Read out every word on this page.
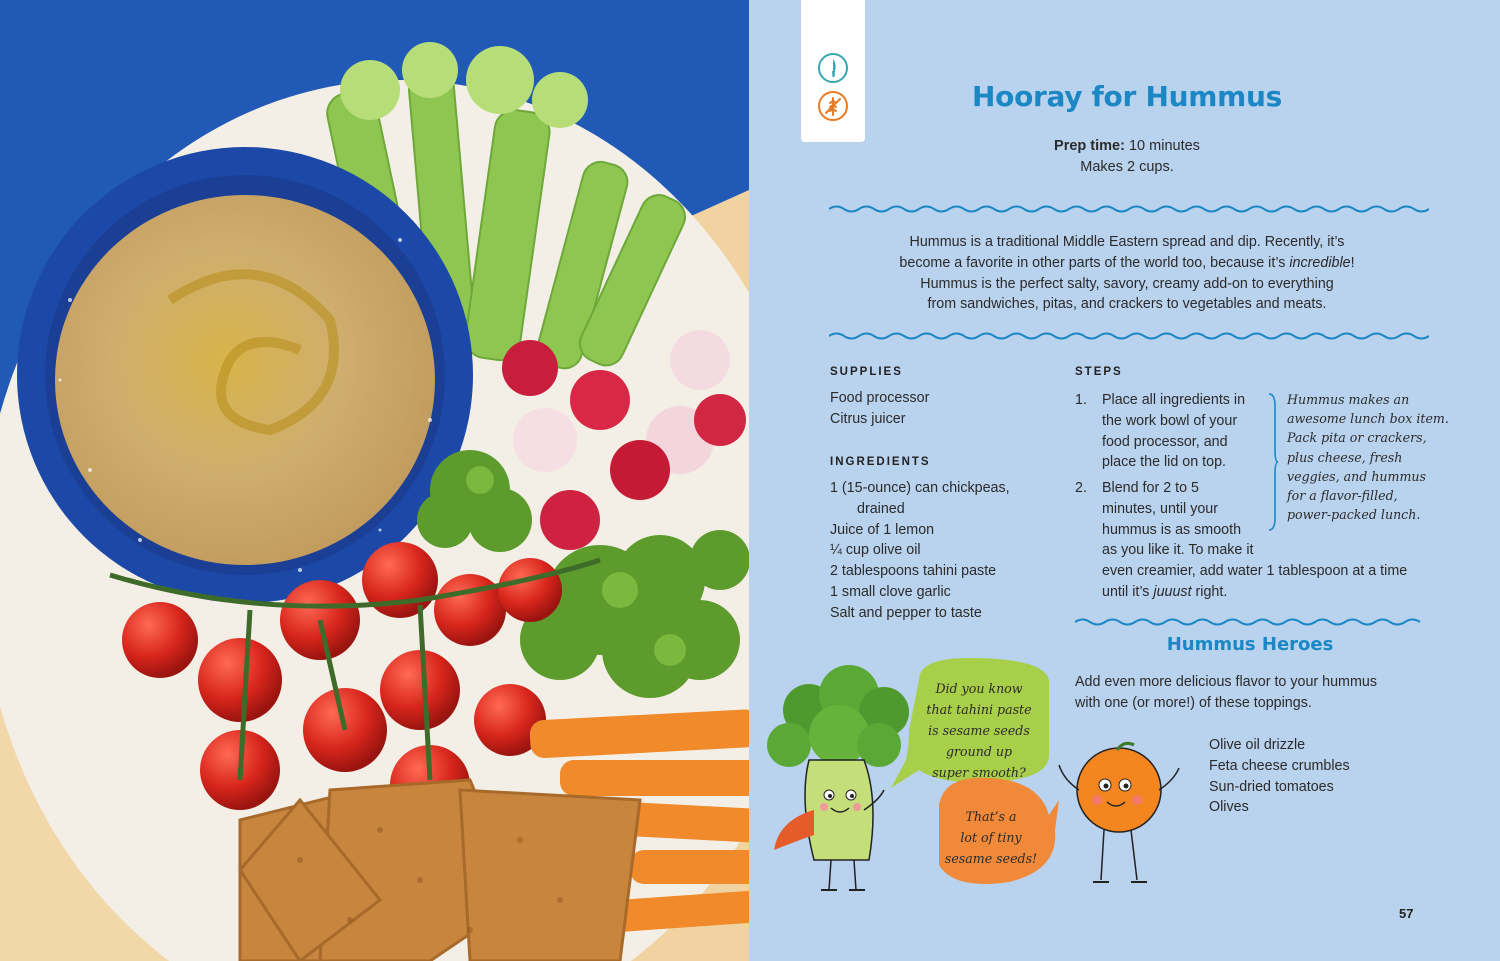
Hooray for Hummus
Prep time: 10 minutes
Makes 2 cups.
Hummus is a traditional Middle Eastern spread and dip. Recently, it’s
become a favorite in other parts of the world too, because it’s incredible!
Hummus is the perfect salty, savory, creamy add-on to everything
from sandwiches, pitas, and crackers to vegetables and meats.
SUPPLIES
Food processor
Citrus juicer
INGREDIENTS
1 (15-ounce) can chickpeas,
drained
Juice of 1 lemon
¼ cup olive oil
2 tablespoons tahini paste
1 small clove garlic
Salt and pepper to taste
STEPS
1. Place all ingredients in
the work bowl of your
food processor, and
place the lid on top.
2. Blend for 2 to 5
minutes, until your
hummus is as smooth
as you like it. To make it
even creamier, add water 1 tablespoon at a time
until it’s juuust right.
Hummus makes an
awesome lunch box item.
Pack pita or crackers,
plus cheese, fresh
veggies, and hummus
for a flavor-filled,
power-packed lunch.
Hummus Heroes
Add even more delicious flavor to your hummus
with one (or more!) of these toppings.
Olive oil drizzle
Feta cheese crumbles
Sun-dried tomatoes
Olives
Did you know
that tahini paste
is sesame seeds
ground up
super smooth?
That’s a
lot of tiny
sesame seeds!
57
